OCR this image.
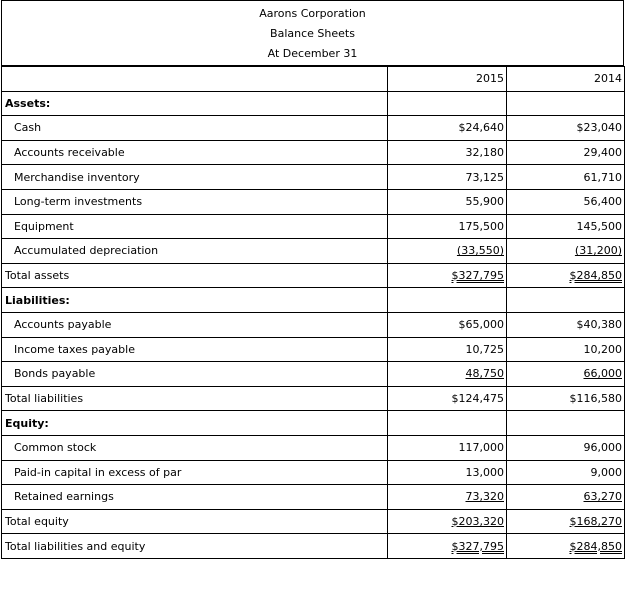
Aarons Corporation
Balance Sheets
At December 31
	2015	2014
Assets:		
Cash	$24,640	$23,040
Accounts receivable	32,180	29,400
Merchandise inventory	73,125	61,710
Long-term investments	55,900	56,400
Equipment	175,500	145,500
Accumulated depreciation	(33,550)	(31,200)
Total assets	$327,795	$284,850
Liabilities:		
Accounts payable	$65,000	$40,380
Income taxes payable	10,725	10,200
Bonds payable	48,750	66,000
Total liabilities	$124,475	$116,580
Equity:		
Common stock	117,000	96,000
Paid-in capital in excess of par	13,000	9,000
Retained earnings	73,320	63,270
Total equity	$203,320	$168,270
Total liabilities and equity	$327,795	$284,850
